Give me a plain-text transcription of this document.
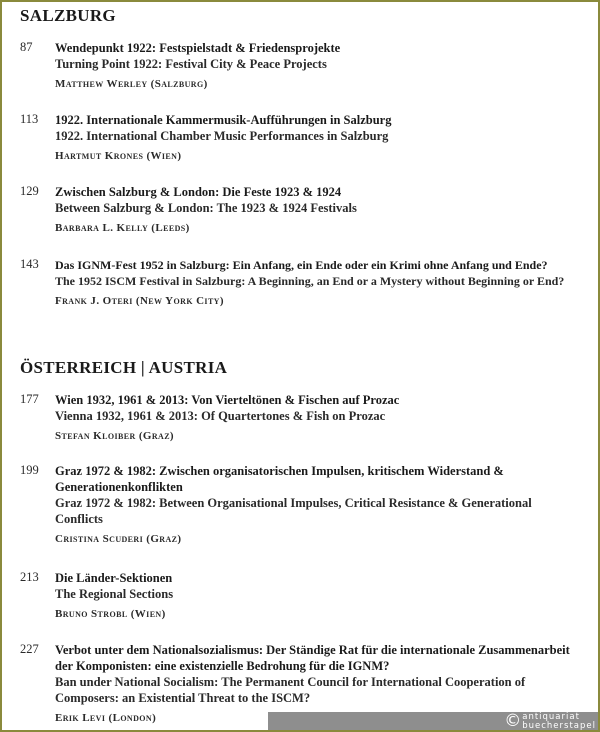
SALZBURG
87 Wendepunkt 1922: Festspielstadt & Friedensprojekte
Turning Point 1922: Festival City & Peace Projects
Matthew Werley (Salzburg)
113 1922. Internationale Kammermusik-Aufführungen in Salzburg
1922. International Chamber Music Performances in Salzburg
Hartmut Krones (Wien)
129 Zwischen Salzburg & London: Die Feste 1923 & 1924
Between Salzburg & London: The 1923 & 1924 Festivals
Barbara L. Kelly (Leeds)
143 Das IGNM-Fest 1952 in Salzburg: Ein Anfang, ein Ende oder ein Krimi ohne Anfang und Ende?
The 1952 ISCM Festival in Salzburg: A Beginning, an End or a Mystery without Beginning or End?
Frank J. Oteri (New York City)
ÖSTERREICH | AUSTRIA
177 Wien 1932, 1961 & 2013: Von Vierteltönen & Fischen auf Prozac
Vienna 1932, 1961 & 2013: Of Quartertones & Fish on Prozac
Stefan Kloiber (Graz)
199 Graz 1972 & 1982: Zwischen organisatorischen Impulsen, kritischem Widerstand & Generationenkonflikten
Graz 1972 & 1982: Between Organisational Impulses, Critical Resistance & Generational Conflicts
Cristina Scuderi (Graz)
213 Die Länder-Sektionen
The Regional Sections
Bruno Strobl (Wien)
227 Verbot unter dem Nationalsozialismus: Der Ständige Rat für die internationale Zusammenarbeit der Komponisten: eine existenzielle Bedrohung für die IGNM?
Ban under National Socialism: The Permanent Council for International Cooperation of Composers: an Existential Threat to the ISCM?
Erik Levi (London)	© antiquariat
buecherstapel
